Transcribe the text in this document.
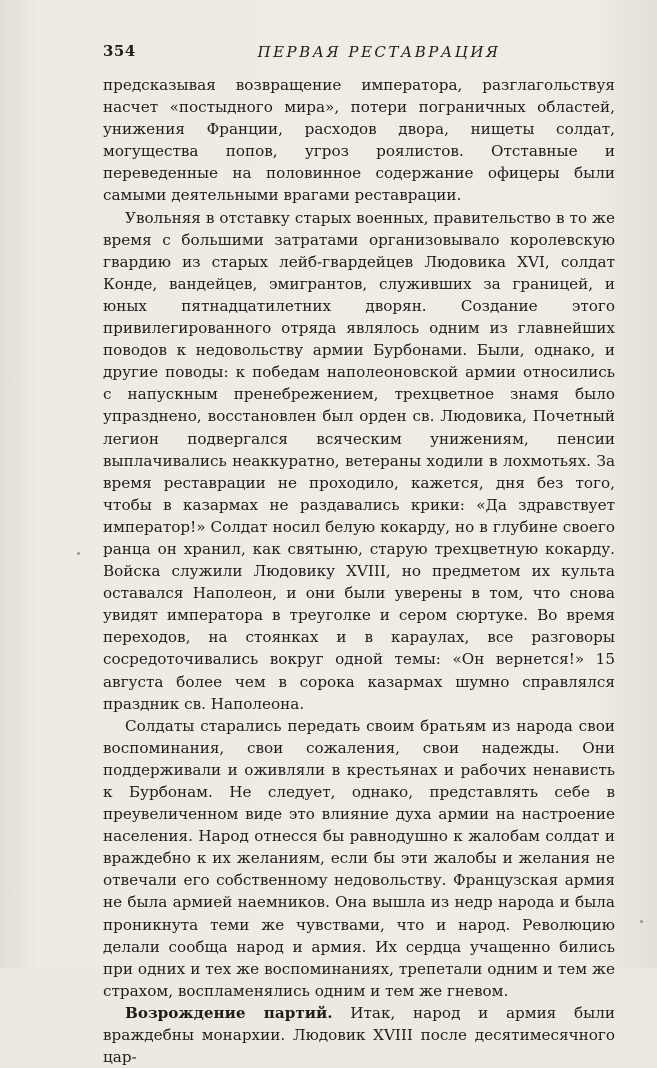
354	ПЕРВАЯ РЕСТАВРАЦИЯ

предсказывая возвращение императора, разглагольствуя насчет «постыдного мира», потери пограничных областей, унижения Франции, расходов двора, нищеты солдат, могущества попов, угроз роялистов. Отставные и переведенные на половинное содержание офицеры были самыми деятельными врагами реставрации.

Увольняя в отставку старых военных, правительство в то же время с большими затратами организовывало королевскую гвардию из старых лейб-гвардейцев Людовика XVI, солдат Конде, вандейцев, эмигрантов, служивших за границей, и юных пятнадцатилетних дворян. Создание этого привилегированного отряда являлось одним из главнейших поводов к недовольству армии Бурбонами. Были, однако, и другие поводы: к победам наполеоновской армии относились с напускным пренебрежением, трехцветное знамя было упразднено, восстановлен был орден св. Людовика, Почетный легион подвергался всяческим унижениям, пенсии выплачивались неаккуратно, ветераны ходили в лохмотьях. За время реставрации не проходило, кажется, дня без того, чтобы в казармах не раздавались крики: «Да здравствует император!» Солдат носил белую кокарду, но в глубине своего ранца он хранил, как святыню, старую трехцветную кокарду. Войска служили Людовику XVIII, но предметом их культа оставался Наполеон, и они были уверены в том, что снова увидят императора в треуголке и сером сюртуке. Во время переходов, на стоянках и в караулах, все разговоры сосредоточивались вокруг одной темы: «Он вернется!» 15 августа более чем в сорока казармах шумно справлялся праздник св. Наполеона.

Солдаты старались передать своим братьям из народа свои воспоминания, свои сожаления, свои надежды. Они поддерживали и оживляли в крестьянах и рабочих ненависть к Бурбонам. Не следует, однако, представлять себе в преувеличенном виде это влияние духа армии на настроение населения. Народ отнесся бы равнодушно к жалобам солдат и враждебно к их желаниям, если бы эти жалобы и желания не отвечали его собственному недовольству. Французская армия не была армией наемников. Она вышла из недр народа и была проникнута теми же чувствами, что и народ. Революцию делали сообща народ и армия. Их сердца учащенно бились при одних и тех же воспоминаниях, трепетали одним и тем же страхом, воспламенялись одним и тем же гневом.

Возрождение партий. Итак, народ и армия были враждебны монархии. Людовик XVIII после десятимесячного цар-
